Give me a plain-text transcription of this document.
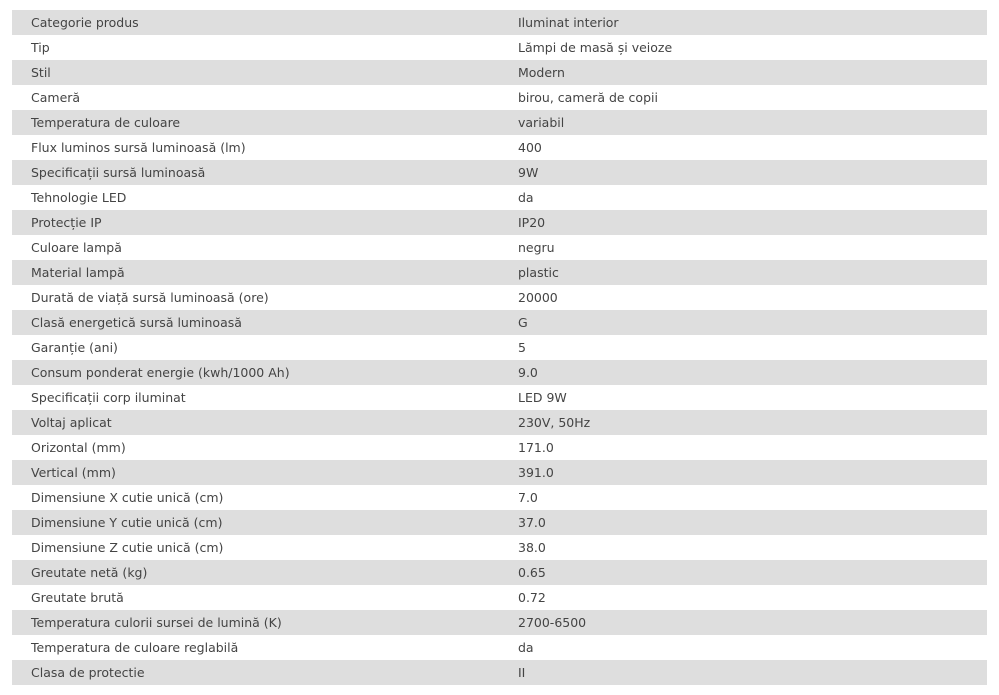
Categorie produs	Iluminat interior
Tip	Lămpi de masă și veioze
Stil	Modern
Cameră	birou, cameră de copii
Temperatura de culoare	variabil
Flux luminos sursă luminoasă (lm)	400
Specificații sursă luminoasă	9W
Tehnologie LED	da
Protecție IP	IP20
Culoare lampă	negru
Material lampă	plastic
Durată de viață sursă luminoasă (ore)	20000
Clasă energetică sursă luminoasă	G
Garanție (ani)	5
Consum ponderat energie (kwh/1000 Ah)	9.0
Specificații corp iluminat	LED 9W
Voltaj aplicat	230V, 50Hz
Orizontal (mm)	171.0
Vertical (mm)	391.0
Dimensiune X cutie unică (cm)	7.0
Dimensiune Y cutie unică (cm)	37.0
Dimensiune Z cutie unică (cm)	38.0
Greutate netă (kg)	0.65
Greutate brută	0.72
Temperatura culorii sursei de lumină (K)	2700-6500
Temperatura de culoare reglabilă	da
Clasa de protectie	II
